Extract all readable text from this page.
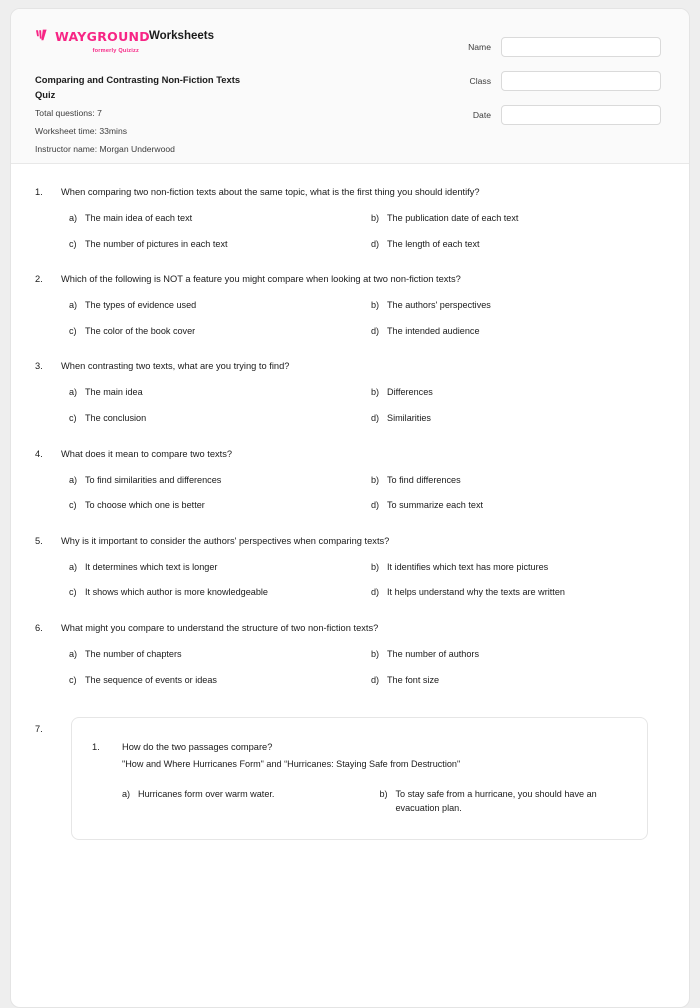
WAYGROUND
formerly Quizizz
Worksheets
Comparing and Contrasting Non-Fiction Texts Quiz
Total questions: 7
Worksheet time: 33mins
Instructor name: Morgan Underwood
Name
Class
Date
1.	When comparing two non-fiction texts about the same topic, what is the first thing you should identify?
a) The main idea of each text	b) The publication date of each text
c) The number of pictures in each text	d) The length of each text
2.	Which of the following is NOT a feature you might compare when looking at two non-fiction texts?
a) The types of evidence used	b) The authors' perspectives
c) The color of the book cover	d) The intended audience
3.	When contrasting two texts, what are you trying to find?
a) The main idea	b) Differences
c) The conclusion	d) Similarities
4.	What does it mean to compare two texts?
a) To find similarities and differences	b) To find differences
c) To choose which one is better	d) To summarize each text
5.	Why is it important to consider the authors' perspectives when comparing texts?
a) It determines which text is longer	b) It identifies which text has more pictures
c) It shows which author is more knowledgeable	d) It helps understand why the texts are written
6.	What might you compare to understand the structure of two non-fiction texts?
a) The number of chapters	b) The number of authors
c) The sequence of events or ideas	d) The font size
7.
1.	How do the two passages compare?
"How and Where Hurricanes Form" and “Hurricanes: Staying Safe from Destruction"
a) Hurricanes form over warm water.	b) To stay safe from a hurricane, you should have an evacuation plan.
